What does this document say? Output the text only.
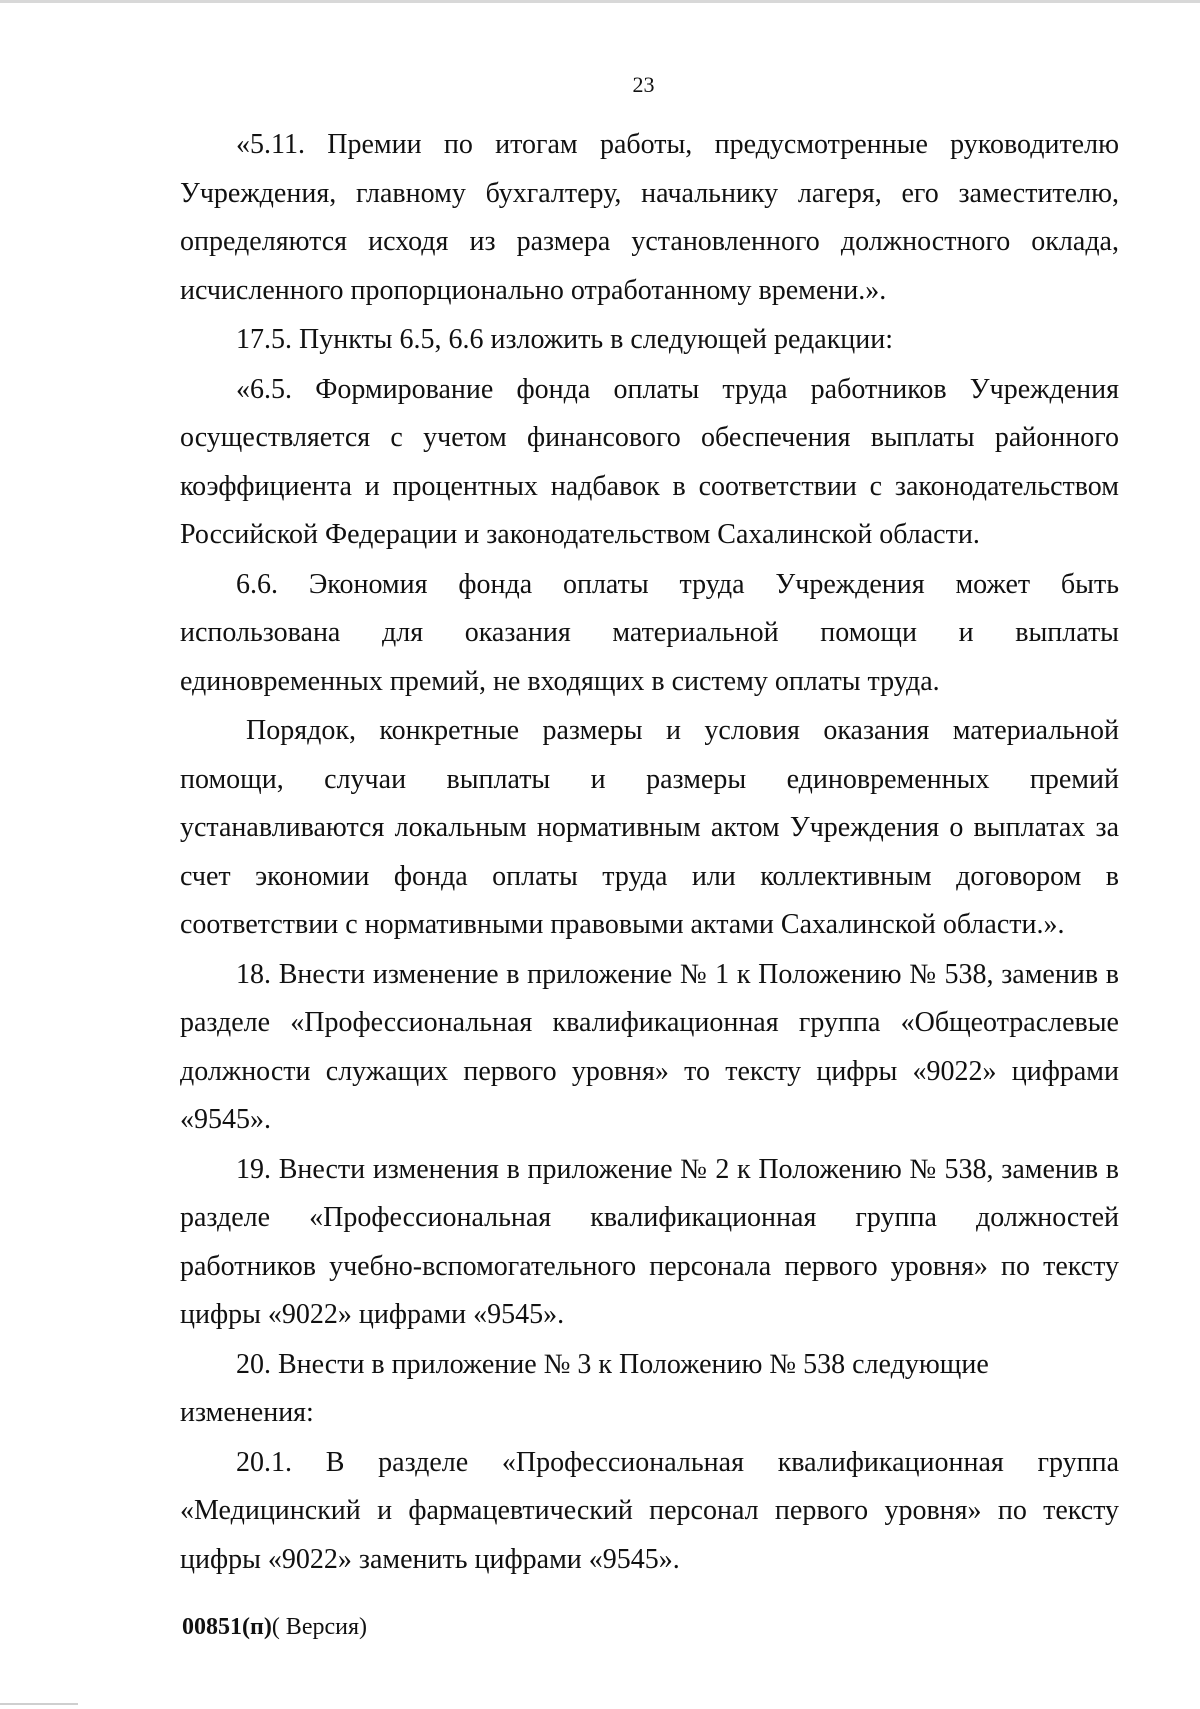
23

«5.11. Премии по итогам работы, предусмотренные руководителю Учреждения, главному бухгалтеру, начальнику лагеря, его заместителю, определяются исходя из размера установленного должностного оклада, исчисленного пропорционально отработанному времени.».

17.5. Пункты 6.5, 6.6 изложить в следующей редакции:

«6.5. Формирование фонда оплаты труда работников Учреждения осуществляется с учетом финансового обеспечения выплаты районного коэффициента и процентных надбавок в соответствии с законодательством Российской Федерации и законодательством Сахалинской области.

6.6. Экономия фонда оплаты труда Учреждения может быть использована для оказания материальной помощи и выплаты единовременных премий, не входящих в систему оплаты труда.

Порядок, конкретные размеры и условия оказания материальной помощи, случаи выплаты и размеры единовременных премий устанавливаются локальным нормативным актом Учреждения о выплатах за счет экономии фонда оплаты труда или коллективным договором в соответствии с нормативными правовыми актами Сахалинской области.».

18. Внести изменение в приложение № 1 к Положению № 538, заменив в разделе «Профессиональная квалификационная группа «Общеотраслевые должности служащих первого уровня» то тексту цифры «9022» цифрами «9545».

19. Внести изменения в приложение № 2 к Положению № 538, заменив в разделе «Профессиональная квалификационная группа должностей работников учебно-вспомогательного персонала первого уровня» по тексту цифры «9022» цифрами «9545».

20. Внести в приложение № 3 к Положению № 538 следующие изменения:

20.1. В разделе «Профессиональная квалификационная группа «Медицинский и фармацевтический персонал первого уровня» по тексту цифры «9022» заменить цифрами «9545».

00851(п)( Версия)
